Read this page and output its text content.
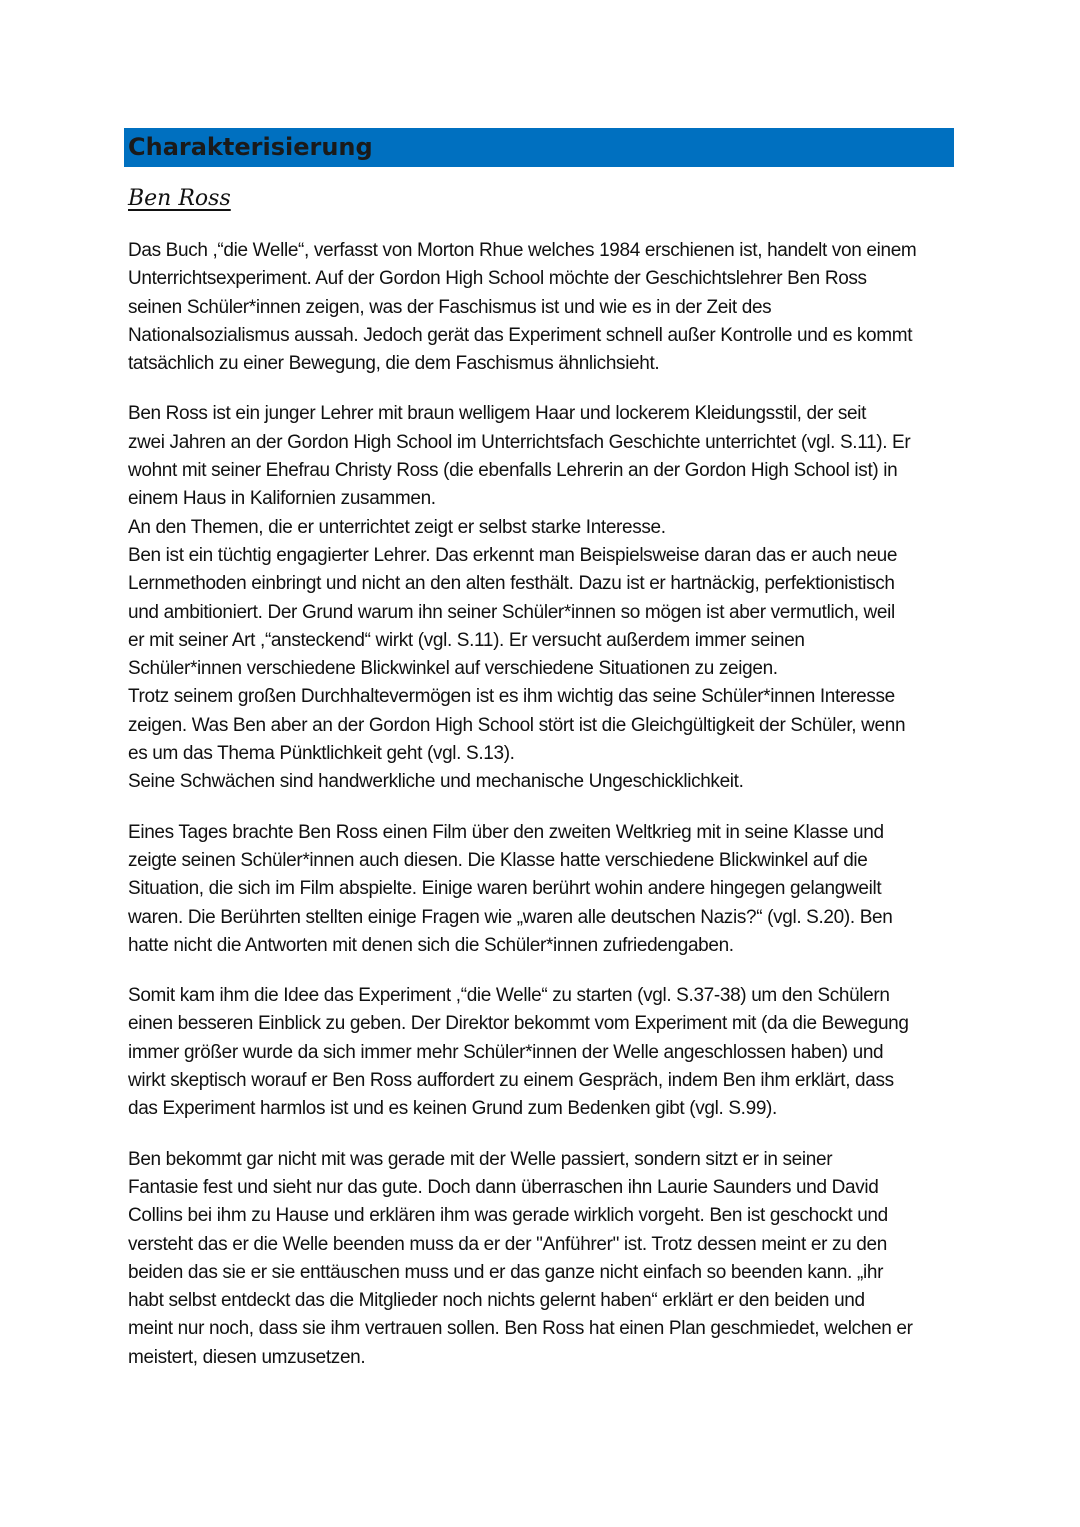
Charakterisierung
Ben Ross
Das Buch ,“die Welle“, verfasst von Morton Rhue welches 1984 erschienen ist, handelt von einem
Unterrichtsexperiment. Auf der Gordon High School möchte der Geschichtslehrer Ben Ross
seinen Schüler*innen zeigen, was der Faschismus ist und wie es in der Zeit des
Nationalsozialismus aussah. Jedoch gerät das Experiment schnell außer Kontrolle und es kommt
tatsächlich zu einer Bewegung, die dem Faschismus ähnlichsieht.
Ben Ross ist ein junger Lehrer mit braun welligem Haar und lockerem Kleidungsstil, der seit
zwei Jahren an der Gordon High School im Unterrichtsfach Geschichte unterrichtet (vgl. S.11). Er
wohnt mit seiner Ehefrau Christy Ross (die ebenfalls Lehrerin an der Gordon High School ist) in
einem Haus in Kalifornien zusammen.
An den Themen, die er unterrichtet zeigt er selbst starke Interesse.
Ben ist ein tüchtig engagierter Lehrer. Das erkennt man Beispielsweise daran das er auch neue
Lernmethoden einbringt und nicht an den alten festhält. Dazu ist er hartnäckig, perfektionistisch
und ambitioniert. Der Grund warum ihn seiner Schüler*innen so mögen ist aber vermutlich, weil
er mit seiner Art ,“ansteckend“ wirkt (vgl. S.11). Er versucht außerdem immer seinen
Schüler*innen verschiedene Blickwinkel auf verschiedene Situationen zu zeigen.
Trotz seinem großen Durchhaltevermögen ist es ihm wichtig das seine Schüler*innen Interesse
zeigen. Was Ben aber an der Gordon High School stört ist die Gleichgültigkeit der Schüler, wenn
es um das Thema Pünktlichkeit geht (vgl. S.13).
Seine Schwächen sind handwerkliche und mechanische Ungeschicklichkeit.
Eines Tages brachte Ben Ross einen Film über den zweiten Weltkrieg mit in seine Klasse und
zeigte seinen Schüler*innen auch diesen. Die Klasse hatte verschiedene Blickwinkel auf die
Situation, die sich im Film abspielte. Einige waren berührt wohin andere hingegen gelangweilt
waren. Die Berührten stellten einige Fragen wie „waren alle deutschen Nazis?“ (vgl. S.20). Ben
hatte nicht die Antworten mit denen sich die Schüler*innen zufriedengaben.
Somit kam ihm die Idee das Experiment ,“die Welle“ zu starten (vgl. S.37-38) um den Schülern
einen besseren Einblick zu geben. Der Direktor bekommt vom Experiment mit (da die Bewegung
immer größer wurde da sich immer mehr Schüler*innen der Welle angeschlossen haben) und
wirkt skeptisch worauf er Ben Ross auffordert zu einem Gespräch, indem Ben ihm erklärt, dass
das Experiment harmlos ist und es keinen Grund zum Bedenken gibt (vgl. S.99).
Ben bekommt gar nicht mit was gerade mit der Welle passiert, sondern sitzt er in seiner
Fantasie fest und sieht nur das gute. Doch dann überraschen ihn Laurie Saunders und David
Collins bei ihm zu Hause und erklären ihm was gerade wirklich vorgeht. Ben ist geschockt und
versteht das er die Welle beenden muss da er der "Anführer" ist. Trotz dessen meint er zu den
beiden das sie er sie enttäuschen muss und er das ganze nicht einfach so beenden kann. „ihr
habt selbst entdeckt das die Mitglieder noch nichts gelernt haben“ erklärt er den beiden und
meint nur noch, dass sie ihm vertrauen sollen. Ben Ross hat einen Plan geschmiedet, welchen er
meistert, diesen umzusetzen.
